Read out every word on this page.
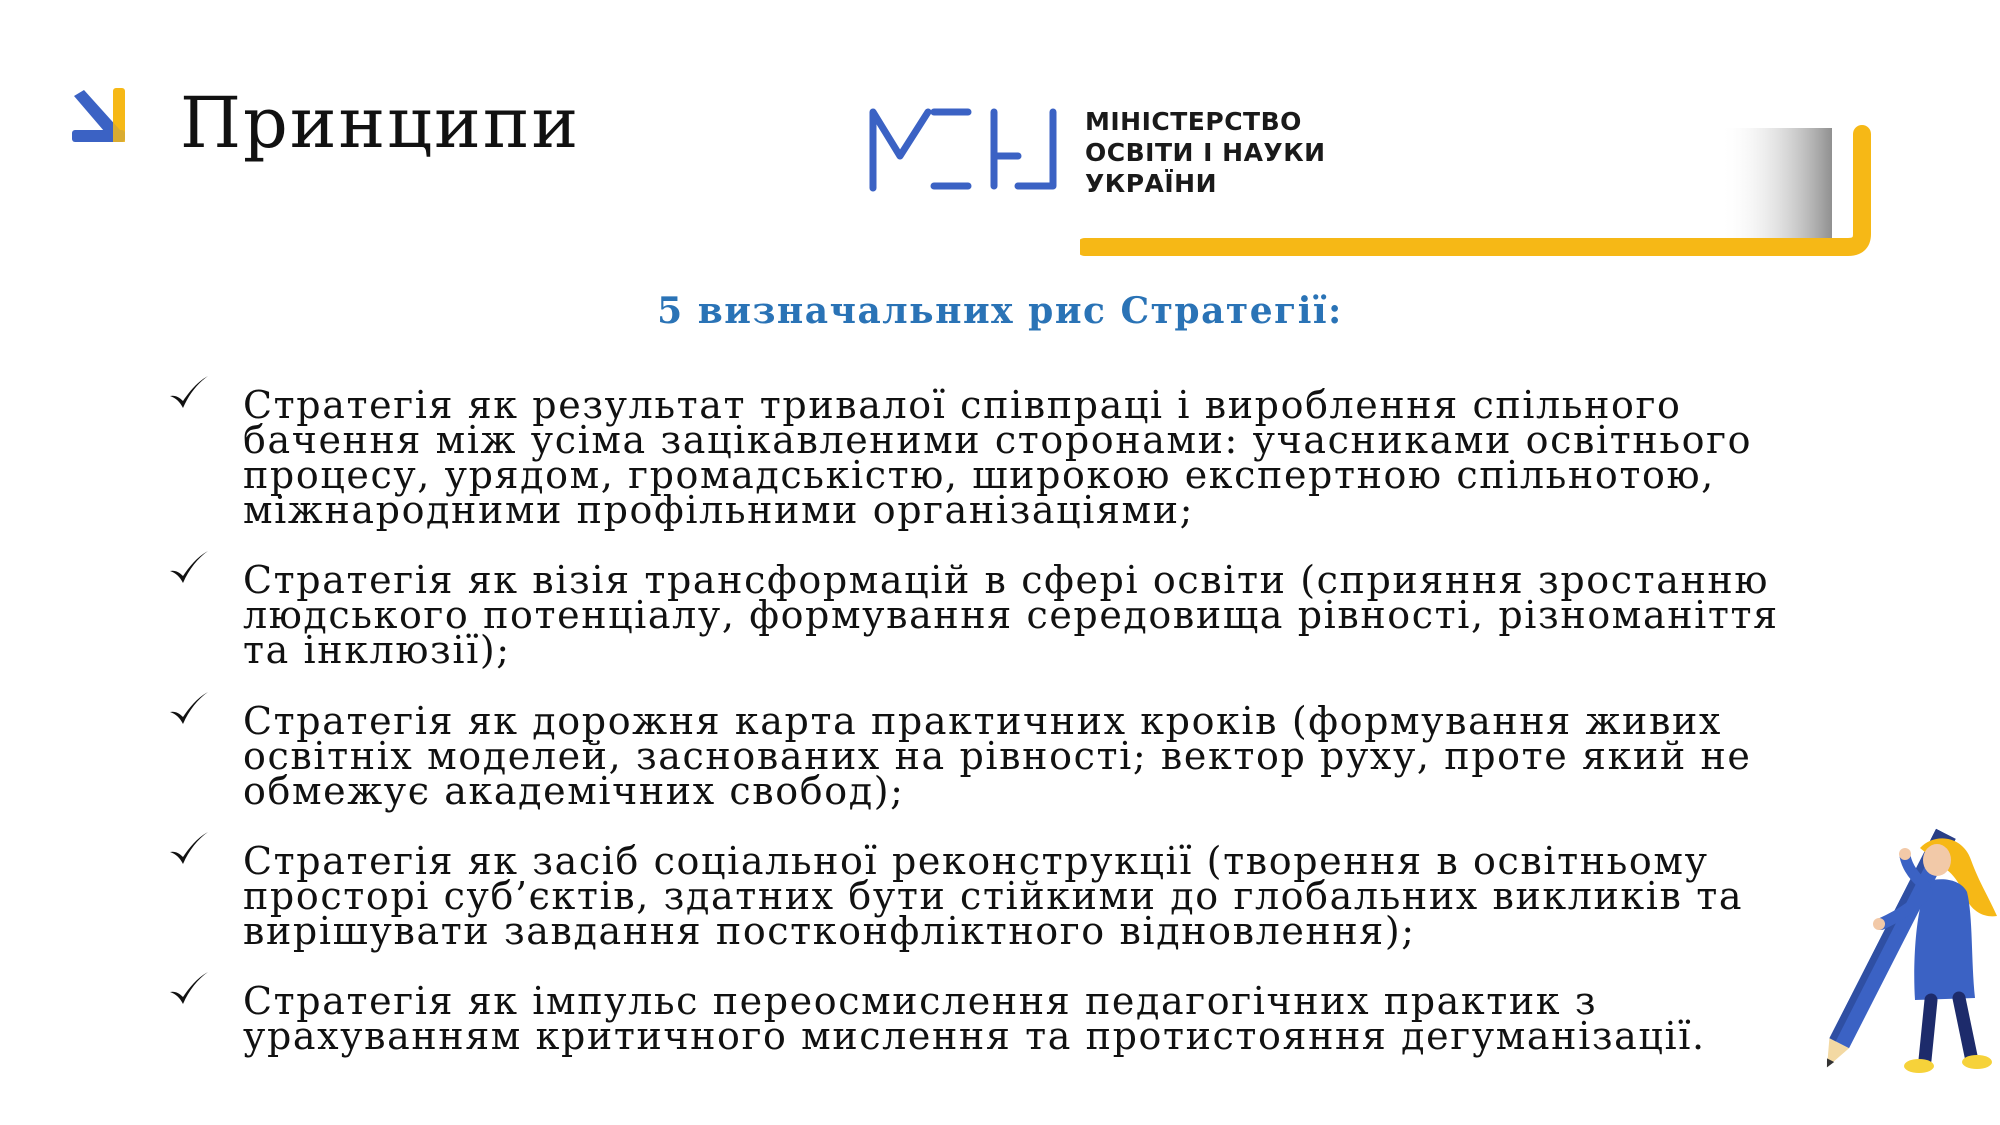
Принципи	МІНІСТЕРСТВО
ОСВІТИ І НАУКИ
УКРАЇНИ
5 визначальних рис Стратегії:

Стратегія як результат тривалої співпраці і вироблення спільного
бачення між усіма зацікавленими сторонами: учасниками освітнього
процесу, урядом, громадськістю, широкою експертною спільнотою,
міжнародними профільними організаціями;

Стратегія як візія трансформацій в сфері освіти (сприяння зростанню
людського потенціалу, формування середовища рівності, різноманіття
та інклюзії);

Стратегія як дорожня карта практичних кроків (формування живих
освітніх моделей, заснованих на рівності; вектор руху, проте який не
обмежує академічних свобод);

Стратегія як засіб соціальної реконструкції (творення в освітньому
просторі суб’єктів, здатних бути стійкими до глобальних викликів та
вирішувати завдання постконфліктного відновлення);

Стратегія як імпульс переосмислення педагогічних практик з
урахуванням критичного мислення та протистояння дегуманізації.
